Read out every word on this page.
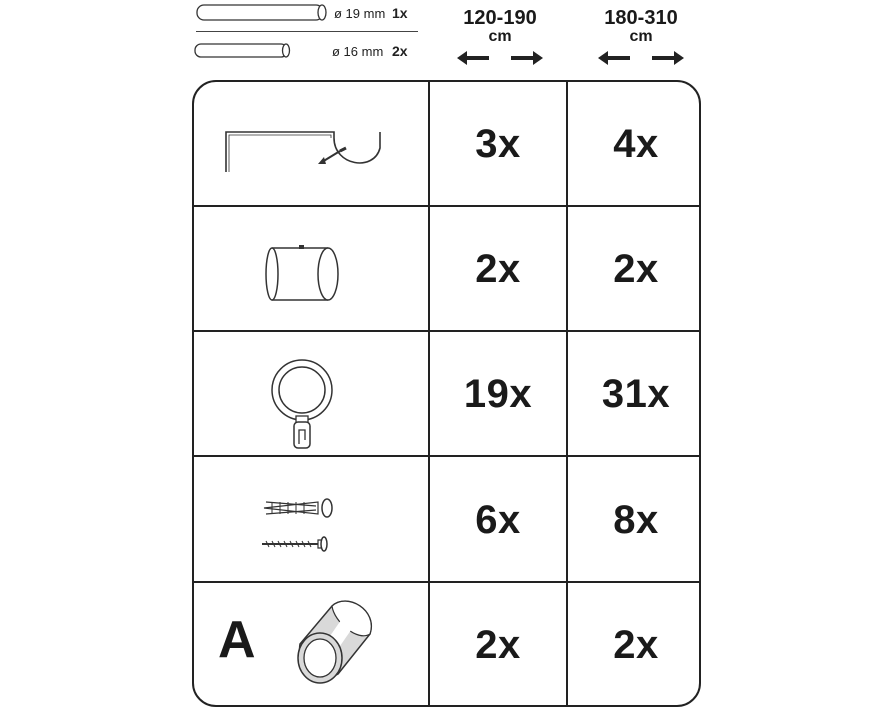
ø 19 mm 1x
ø 16 mm 2x
120-190
cm
180-310
cm
3x	4x
2x	2x
19x	31x
6x	8x
A	2x	2x
